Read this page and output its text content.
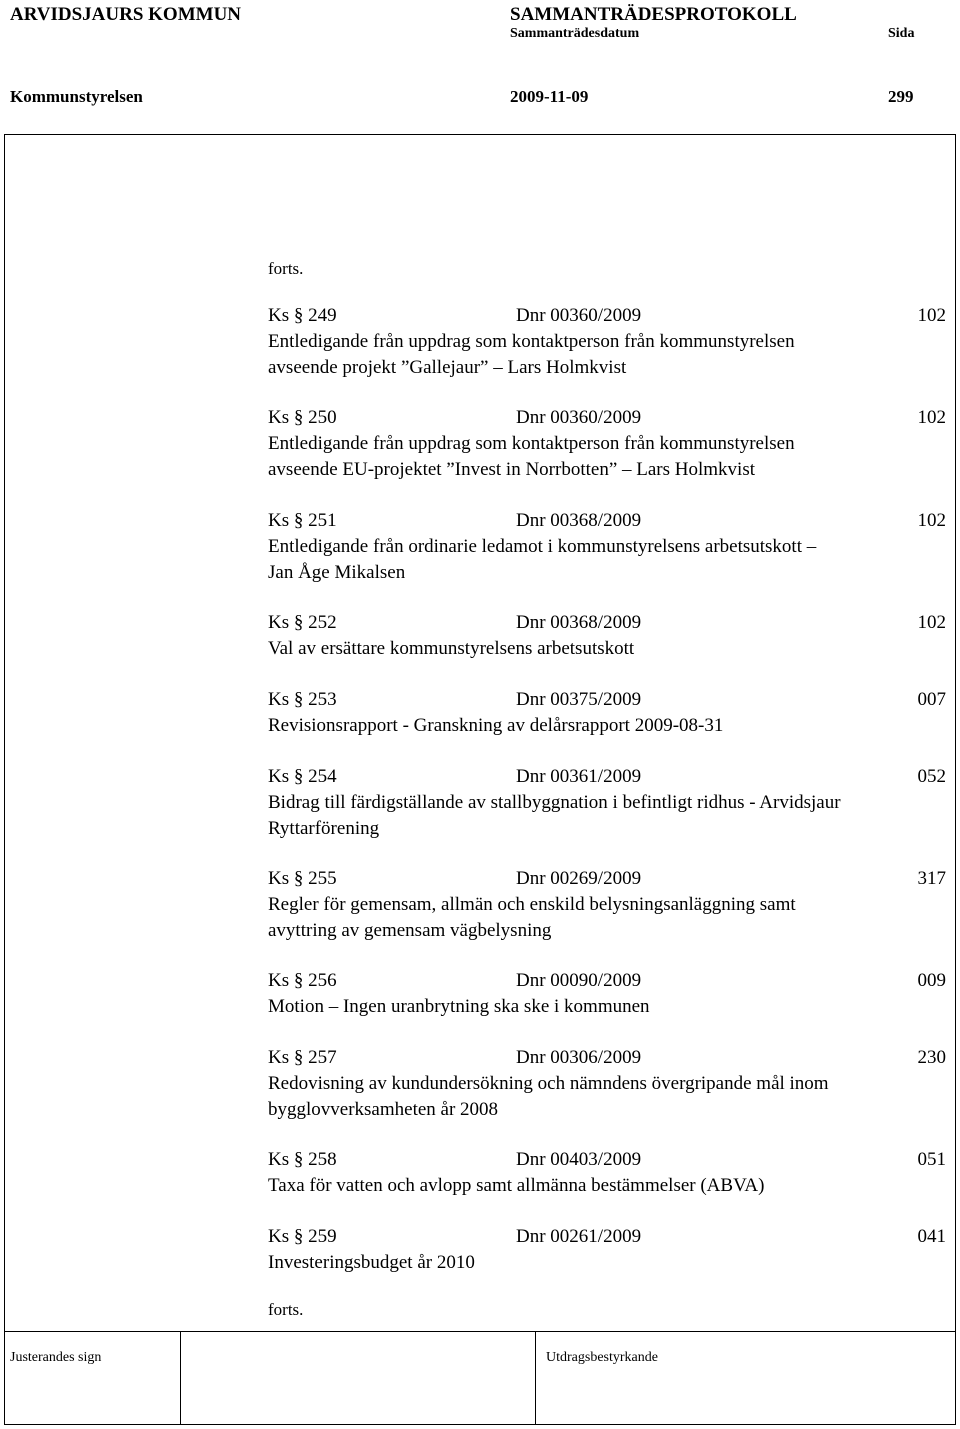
ARVIDSJAURS KOMMUN	SAMMANTRÄDESPROTOKOLL
Sammanträdesdatum	Sida
Kommunstyrelsen	2009-11-09	299
forts.
Ks § 249	Dnr 00360/2009	102
Entledigande från uppdrag som kontaktperson från kommunstyrelsen
avseende projekt ”Gallejaur” – Lars Holmkvist
Ks § 250	Dnr 00360/2009	102
Entledigande från uppdrag som kontaktperson från kommunstyrelsen
avseende EU-projektet ”Invest in Norrbotten” – Lars Holmkvist
Ks § 251	Dnr 00368/2009	102
Entledigande från ordinarie ledamot i kommunstyrelsens arbetsutskott –
Jan Åge Mikalsen
Ks § 252	Dnr 00368/2009	102
Val av ersättare kommunstyrelsens arbetsutskott
Ks § 253	Dnr 00375/2009	007
Revisionsrapport - Granskning av delårsrapport 2009-08-31
Ks § 254	Dnr 00361/2009	052
Bidrag till färdigställande av stallbyggnation i befintligt ridhus - Arvidsjaur
Ryttarförening
Ks § 255	Dnr 00269/2009	317
Regler för gemensam, allmän och enskild belysningsanläggning samt
avyttring av gemensam vägbelysning
Ks § 256	Dnr 00090/2009	009
Motion – Ingen uranbrytning ska ske i kommunen
Ks § 257	Dnr 00306/2009	230
Redovisning av kundundersökning och nämndens övergripande mål inom
bygglovverksamheten år 2008
Ks § 258	Dnr 00403/2009	051
Taxa för vatten och avlopp samt allmänna bestämmelser (ABVA)
Ks § 259	Dnr 00261/2009	041
Investeringsbudget år 2010
forts.
Justerandes sign	Utdragsbestyrkande
